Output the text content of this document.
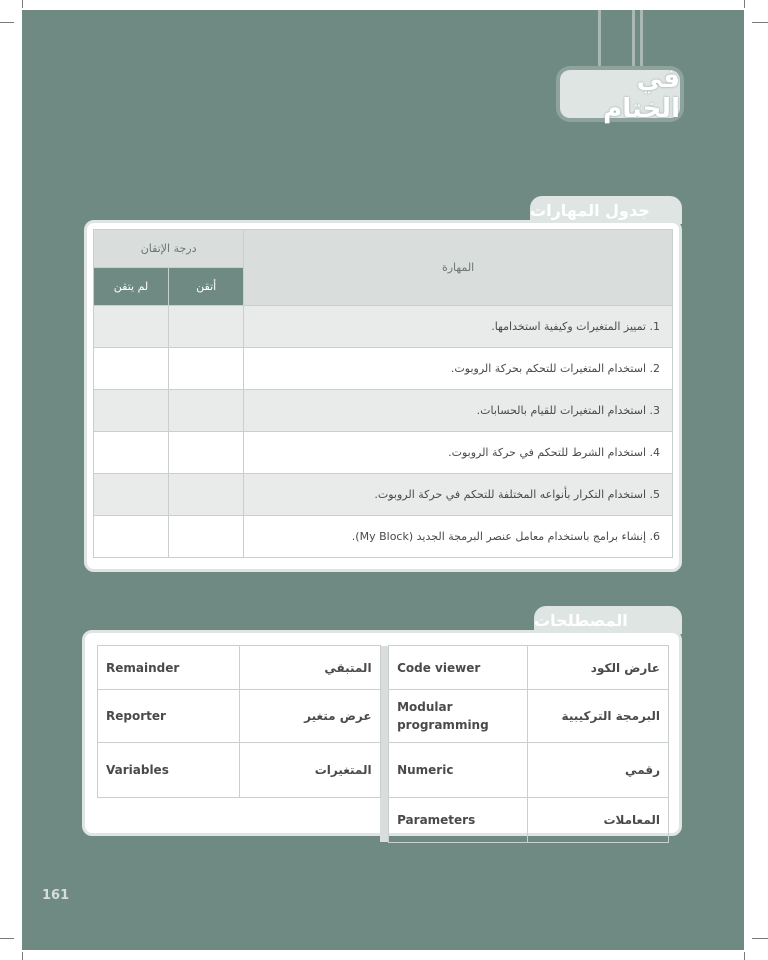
في الختام
جدول المهارات
درجة الإتقان		المهارة
لم يتقن	أتقن	
		1. تمييز المتغيرات وكيفية استخدامها.
		2. استخدام المتغيرات للتحكم بحركة الروبوت.
		3. استخدام المتغيرات للقيام بالحسابات.
		4. استخدام الشرط للتحكم في حركة الروبوت.
		5. استخدام التكرار بأنواعه المختلفة للتحكم في حركة الروبوت.
		6. إنشاء برامج باستخدام معامل عنصر البرمجة الجديد (My Block).
المصطلحات
Remainder	المتبقي		Code viewer	عارض الكود
Reporter	عرض متغير		Modular programming	البرمجة التركيبية
Variables	المتغيرات		Numeric	رقمي
			Parameters	المعاملات
161
